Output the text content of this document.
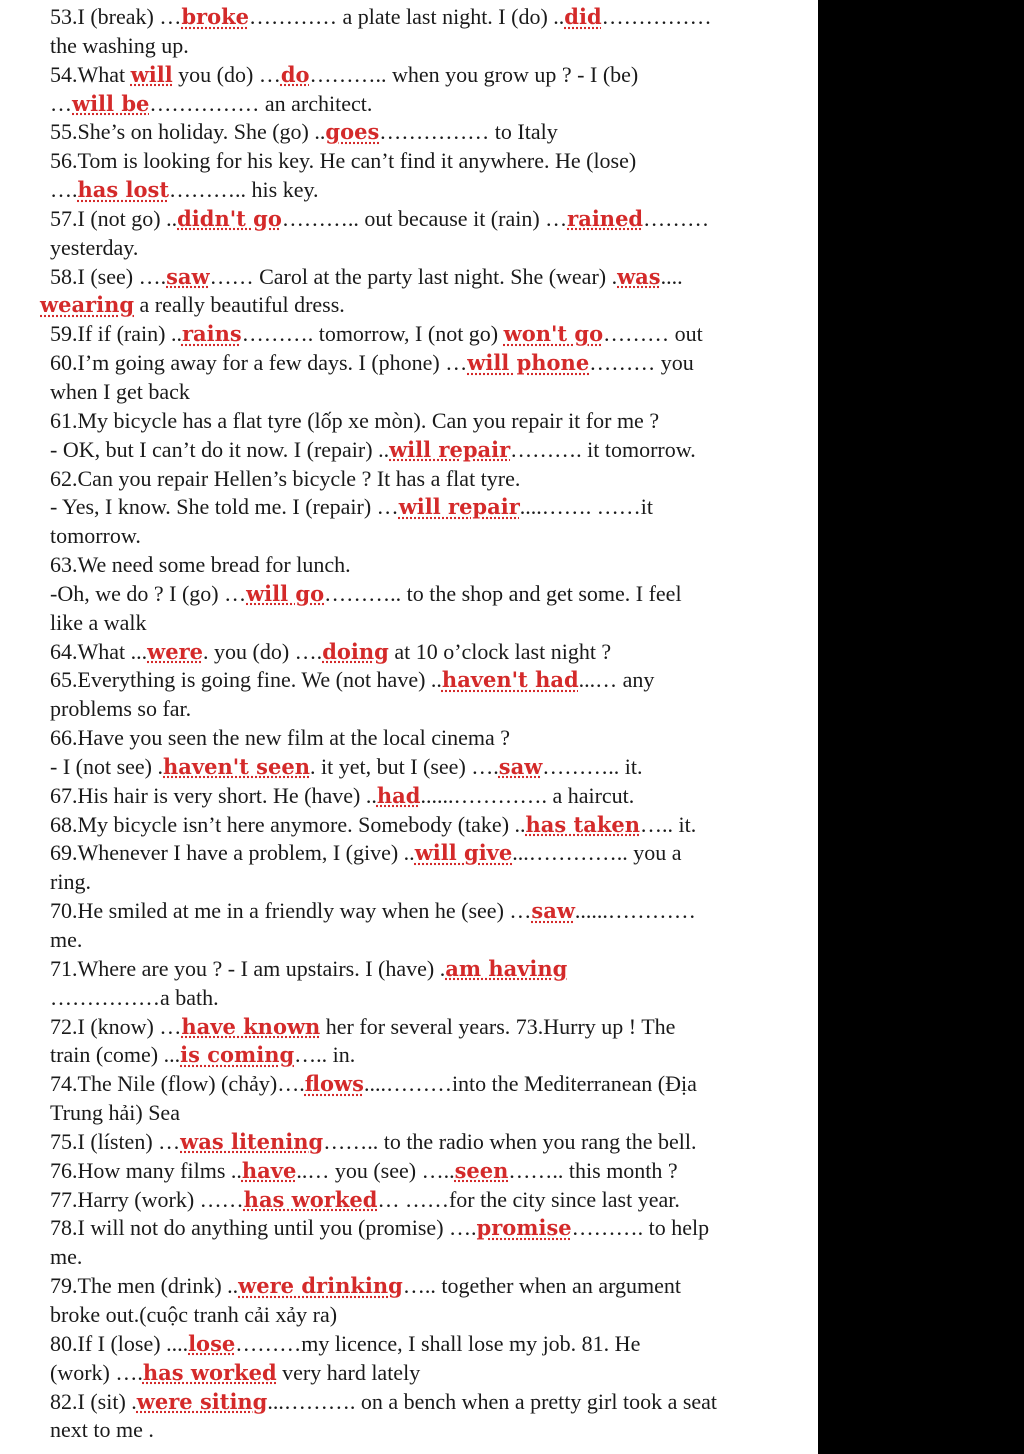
53.I (break) …broke………… a plate last night. I (do) ..did……………
the washing up.
54.What will you (do) …do……….. when you grow up ? - I (be)
…will be…………… an architect.
55.She’s on holiday. She (go) ..goes…………… to Italy
56.Tom is looking for his key. He can’t find it anywhere. He (lose)
….has lost……….. his key.
57.I (not go) ..didn't go……….. out because it (rain) …rained………
yesterday.
58.I (see) ….saw…… Carol at the party last night. She (wear) .was....
wearing a really beautiful dress.
59.If if (rain) ..rains………. tomorrow, I (not go) won't go……… out
60.I’m going away for a few days. I (phone) …will phone……… you
when I get back
61.My bicycle has a flat tyre (lốp xe mòn). Can you repair it for me ?
- OK, but I can’t do it now. I (repair) ..will repair………. it tomorrow.
62.Can you repair Hellen’s bicycle ? It has a flat tyre.
- Yes, I know. She told me. I (repair) …will repair....……. ……it
tomorrow.
63.We need some bread for lunch.
-Oh, we do ? I (go) …will go……….. to the shop and get some. I feel
like a walk
64.What ...were. you (do) ….doing at 10 o’clock last night ?
65.Everything is going fine. We (not have) ..haven't had...… any
problems so far.
66.Have you seen the new film at the local cinema ?
- I (not see) .haven't seen. it yet, but I (see) ….saw……….. it.
67.His hair is very short. He (have) ..had......…………. a haircut.
68.My bicycle isn’t here anymore. Somebody (take) ..has taken….. it.
69.Whenever I have a problem, I (give) ..will give...………….. you a
ring.
70.He smiled at me in a friendly way when he (see) …saw......…………
me.
71.Where are you ? - I am upstairs. I (have) .am having
……………a bath.
72.I (know) …have known her for several years. 73.Hurry up ! The
train (come) ...is coming….. in.
74.The Nile (flow) (chảy)….flows....………into the Mediterranean (Địa
Trung hải) Sea
75.I (lísten) …was litening…….. to the radio when you rang the bell.
76.How many films ..have..… you (see) …..seen…….. this month ?
77.Harry (work) ……has worked… ……for the city since last year.
78.I will not do anything until you (promise) ….promise………. to help
me.
79.The men (drink) ..were drinking….. together when an argument
broke out.(cuộc tranh cải xảy ra)
80.If I (lose) ....lose………my licence, I shall lose my job. 81. He
(work) ….has worked very hard lately
82.I (sit) .were siting...………. on a bench when a pretty girl took a seat
next to me .
